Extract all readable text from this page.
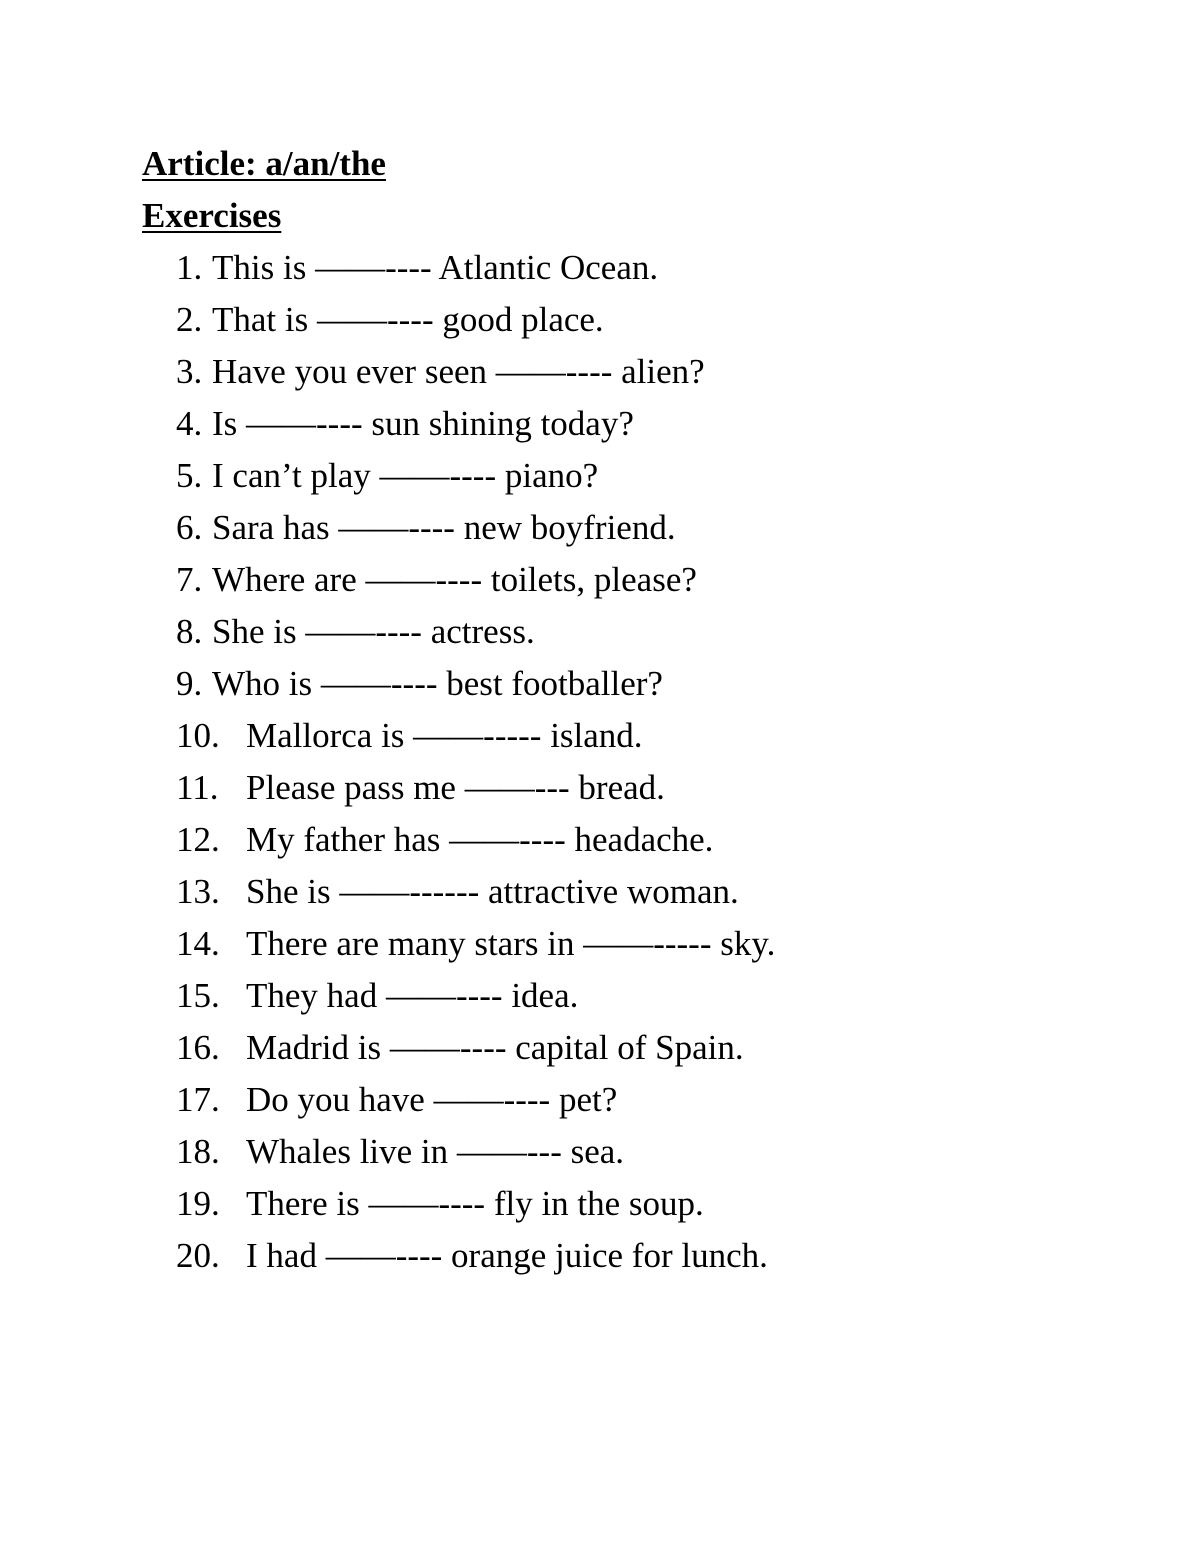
Article: a/an/the
Exercises
1. This is ——---- Atlantic Ocean.
2. That is ——---- good place.
3. Have you ever seen ——---- alien?
4. Is ——---- sun shining today?
5. I can’t play ——---- piano?
6. Sara has ——---- new boyfriend.
7. Where are ——---- toilets, please?
8. She is ——---- actress.
9. Who is ——---- best footballer?
10. Mallorca is ——----- island.
11. Please pass me ——--- bread.
12. My father has ——---- headache.
13. She is ——------ attractive woman.
14. There are many stars in ——----- sky.
15. They had ——---- idea.
16. Madrid is ——---- capital of Spain.
17. Do you have ——---- pet?
18. Whales live in ——--- sea.
19. There is ——---- fly in the soup.
20. I had ——---- orange juice for lunch.
